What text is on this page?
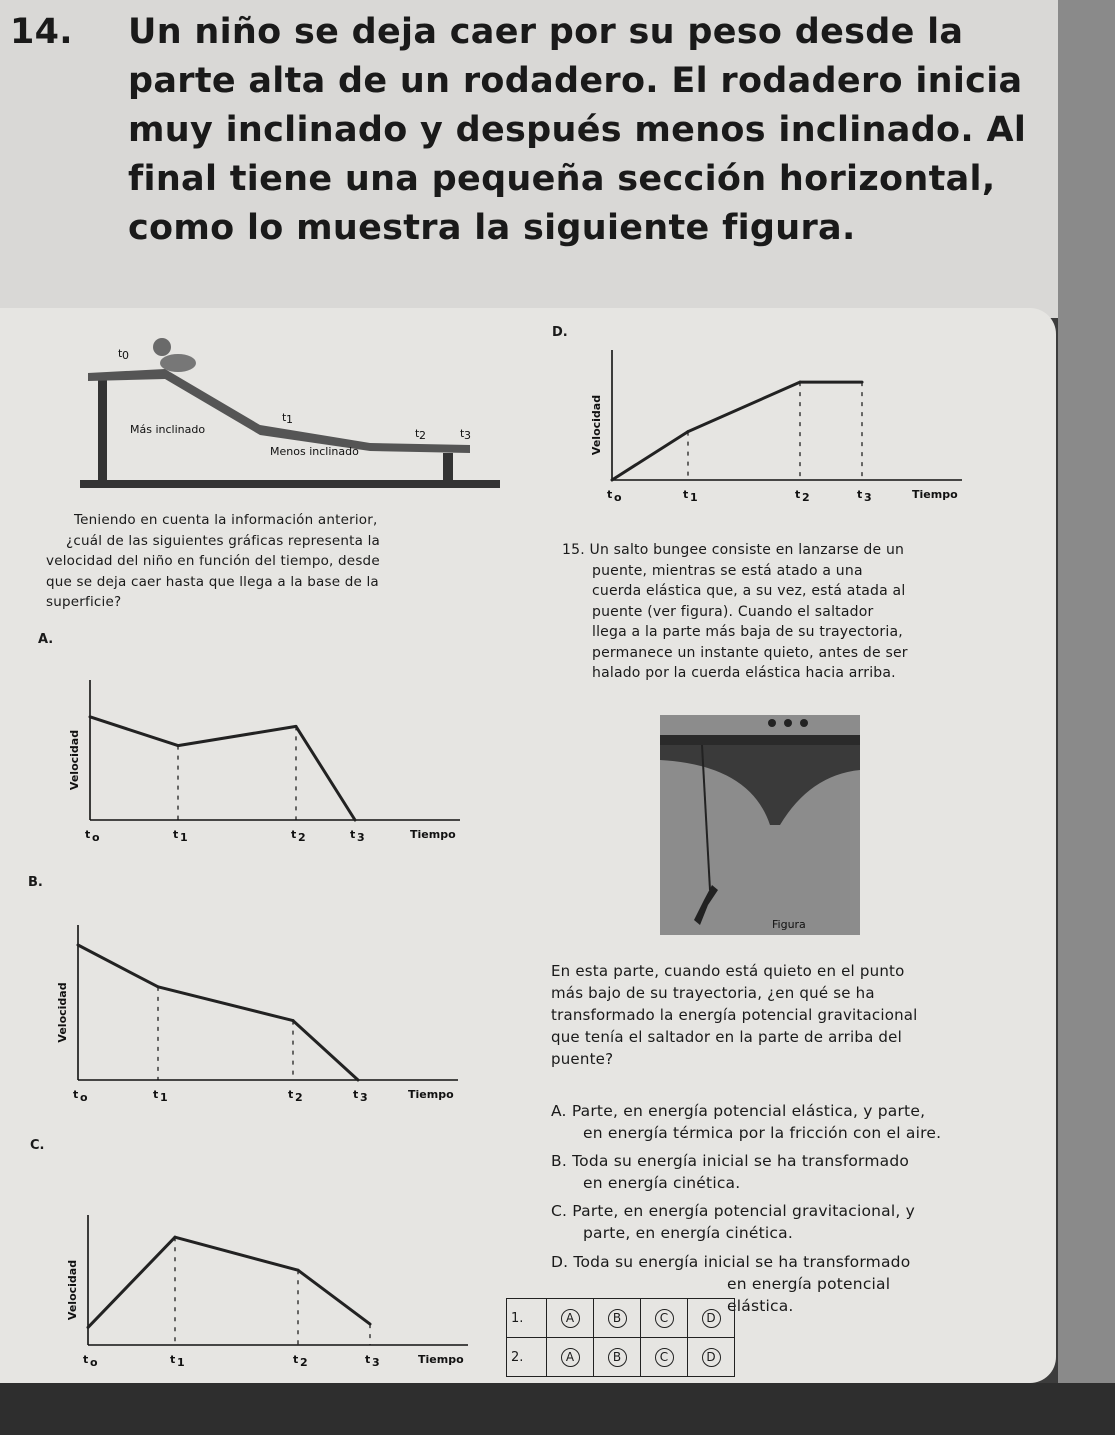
14. Un niño se deja caer por su peso desde la
parte alta de un rodadero. El rodadero inicia
muy inclinado y después menos inclinado. Al
final tiene una pequeña sección horizontal,
como lo muestra la siguiente figura.
Más inclinado
Menos inclinado
t 0
t 1
t 2	t 3
Teniendo en cuenta la información anterior,
¿cuál de las siguientes gráficas representa la
velocidad del niño en función del tiempo, desde
que se deja caer hasta que llega a la base de la
superficie?
A.
B.
C.
D.
Velocidad
t o	t 1	t 2	t 3	Tiempo
Velocidad
t o	t 1	t 2	t 3	Tiempo
Velocidad
t o	t 1	t 2	t 3	Tiempo
Velocidad
t o	t 1	t 2	t 3	Tiempo
15. Un salto bungee consiste en lanzarse de un
puente, mientras se está atado a una
cuerda elástica que, a su vez, está atada al
puente (ver figura). Cuando el saltador
llega a la parte más baja de su trayectoria,
permanece un instante quieto, antes de ser
halado por la cuerda elástica hacia arriba.
Figura
En esta parte, cuando está quieto en el punto
más bajo de su trayectoria, ¿en qué se ha
transformado la energía potencial gravitacional
que tenía el saltador en la parte de arriba del
puente?
A. Parte, en energía potencial elástica, y parte,
en energía térmica por la fricción con el aire.
B. Toda su energía inicial se ha transformado
en energía cinética.
C. Parte, en energía potencial gravitacional, y
parte, en energía cinética.
D. Toda su energía inicial se ha transformado
en energía potencial
elástica.
1.	A	B	C	D
2.	A	B	C	D
